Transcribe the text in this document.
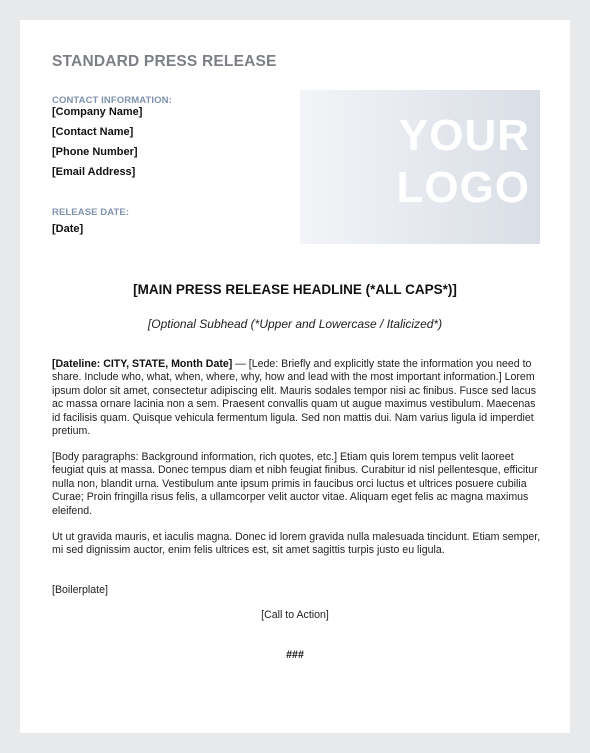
STANDARD PRESS RELEASE
CONTACT INFORMATION:
[Company Name]
[Contact Name]
[Phone Number]
[Email Address]
RELEASE DATE:
[Date]
YOUR
LOGO
[MAIN PRESS RELEASE HEADLINE (*ALL CAPS*)]
[Optional Subhead (*Upper and Lowercase / Italicized*)
[Dateline: CITY, STATE, Month Date] — [Lede: Briefly and explicitly state the information you need to share. Include who, what, when, where, why, how and lead with the most important information.] Lorem ipsum dolor sit amet, consectetur adipiscing elit. Mauris sodales tempor nisi ac finibus. Fusce sed lacus ac massa ornare lacinia non a sem. Praesent convallis quam ut augue maximus vestibulum. Maecenas id facilisis quam. Quisque vehicula fermentum ligula. Sed non mattis dui. Nam varius ligula id imperdiet pretium.
[Body paragraphs: Background information, rich quotes, etc.] Etiam quis lorem tempus velit laoreet feugiat quis at massa. Donec tempus diam et nibh feugiat finibus. Curabitur id nisl pellentesque, efficitur nulla non, blandit urna. Vestibulum ante ipsum primis in faucibus orci luctus et ultrices posuere cubilia Curae; Proin fringilla risus felis, a ullamcorper velit auctor vitae. Aliquam eget felis ac magna maximus eleifend.
Ut ut gravida mauris, et iaculis magna. Donec id lorem gravida nulla malesuada tincidunt. Etiam semper, mi sed dignissim auctor, enim felis ultrices est, sit amet sagittis turpis justo eu ligula.
[Boilerplate]
[Call to Action]
###
